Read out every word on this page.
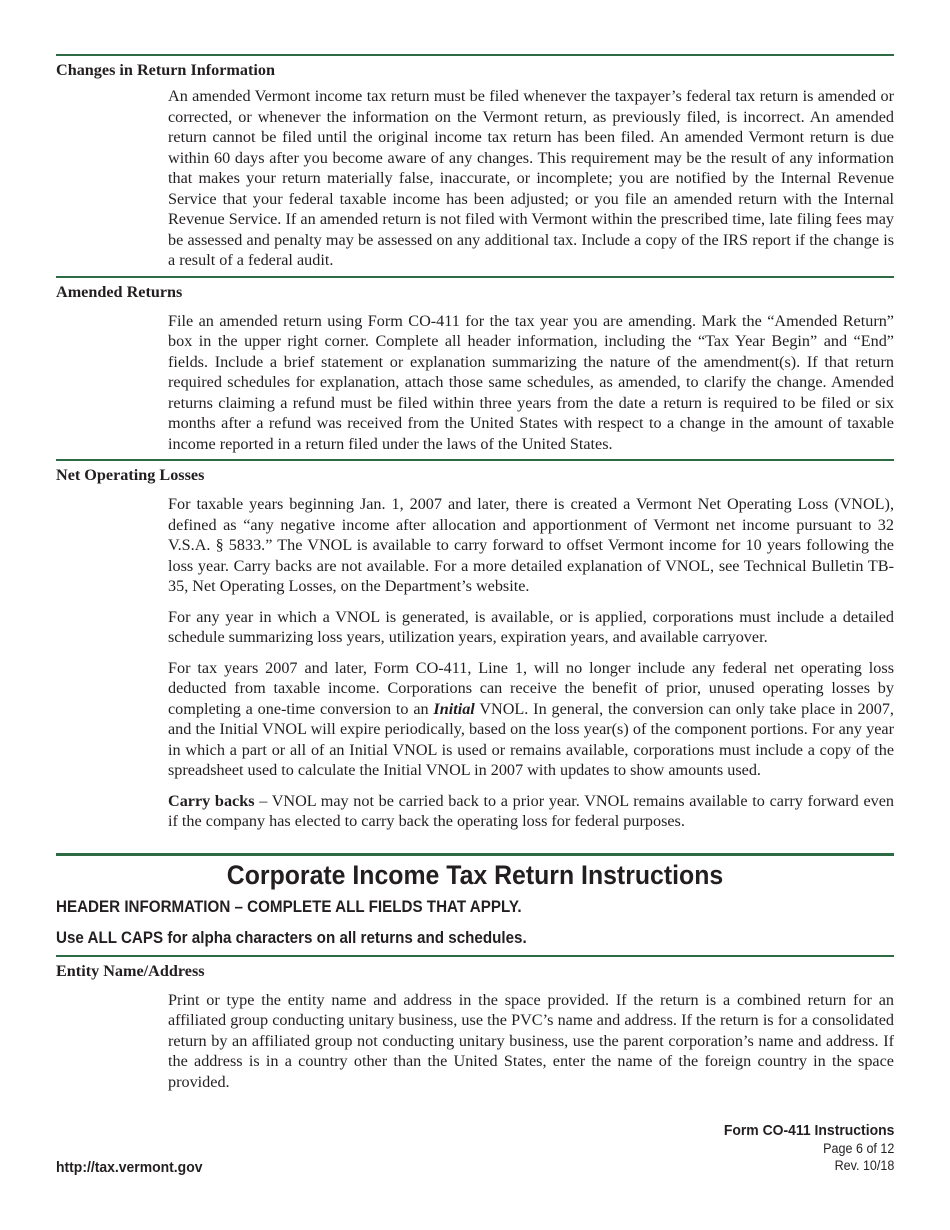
Changes in Return Information

An amended Vermont income tax return must be filed whenever the taxpayer’s federal tax return is amended or corrected, or whenever the information on the Vermont return, as previously filed, is incorrect. An amended return cannot be filed until the original income tax return has been filed. An amended Vermont return is due within 60 days after you become aware of any changes. This requirement may be the result of any information that makes your return materially false, inaccurate, or incomplete; you are notified by the Internal Revenue Service that your federal taxable income has been adjusted; or you file an amended return with the Internal Revenue Service. If an amended return is not filed with Vermont within the prescribed time, late filing fees may be assessed and penalty may be assessed on any additional tax. Include a copy of the IRS report if the change is a result of a federal audit.

Amended Returns

File an amended return using Form CO-411 for the tax year you are amending. Mark the “Amended Return” box in the upper right corner. Complete all header information, including the “Tax Year Begin” and “End” fields. Include a brief statement or explanation summarizing the nature of the amendment(s). If that return required schedules for explanation, attach those same schedules, as amended, to clarify the change. Amended returns claiming a refund must be filed within three years from the date a return is required to be filed or six months after a refund was received from the United States with respect to a change in the amount of taxable income reported in a return filed under the laws of the United States.

Net Operating Losses

For taxable years beginning Jan. 1, 2007 and later, there is created a Vermont Net Operating Loss (VNOL), defined as “any negative income after allocation and apportionment of Vermont net income pursuant to 32 V.S.A. § 5833.” The VNOL is available to carry forward to offset Vermont income for 10 years following the loss year. Carry backs are not available. For a more detailed explanation of VNOL, see Technical Bulletin TB-35, Net Operating Losses, on the Department’s website.

For any year in which a VNOL is generated, is available, or is applied, corporations must include a detailed schedule summarizing loss years, utilization years, expiration years, and available carryover.

For tax years 2007 and later, Form CO-411, Line 1, will no longer include any federal net operating loss deducted from taxable income. Corporations can receive the benefit of prior, unused operating losses by completing a one-time conversion to an Initial VNOL. In general, the conversion can only take place in 2007, and the Initial VNOL will expire periodically, based on the loss year(s) of the component portions. For any year in which a part or all of an Initial VNOL is used or remains available, corporations must include a copy of the spreadsheet used to calculate the Initial VNOL in 2007 with updates to show amounts used.

Carry backs – VNOL may not be carried back to a prior year. VNOL remains available to carry forward even if the company has elected to carry back the operating loss for federal purposes.

Corporate Income Tax Return Instructions
HEADER INFORMATION – COMPLETE ALL FIELDS THAT APPLY.
Use ALL CAPS for alpha characters on all returns and schedules.
Entity Name/Address

Print or type the entity name and address in the space provided. If the return is a combined return for an affiliated group conducting unitary business, use the PVC’s name and address. If the return is for a consolidated return by an affiliated group not conducting unitary business, use the parent corporation’s name and address. If the address is in a country other than the United States, enter the name of the foreign country in the space provided.

Form CO-411 Instructions
Page 6 of 12
Rev. 10/18
http://tax.vermont.gov
